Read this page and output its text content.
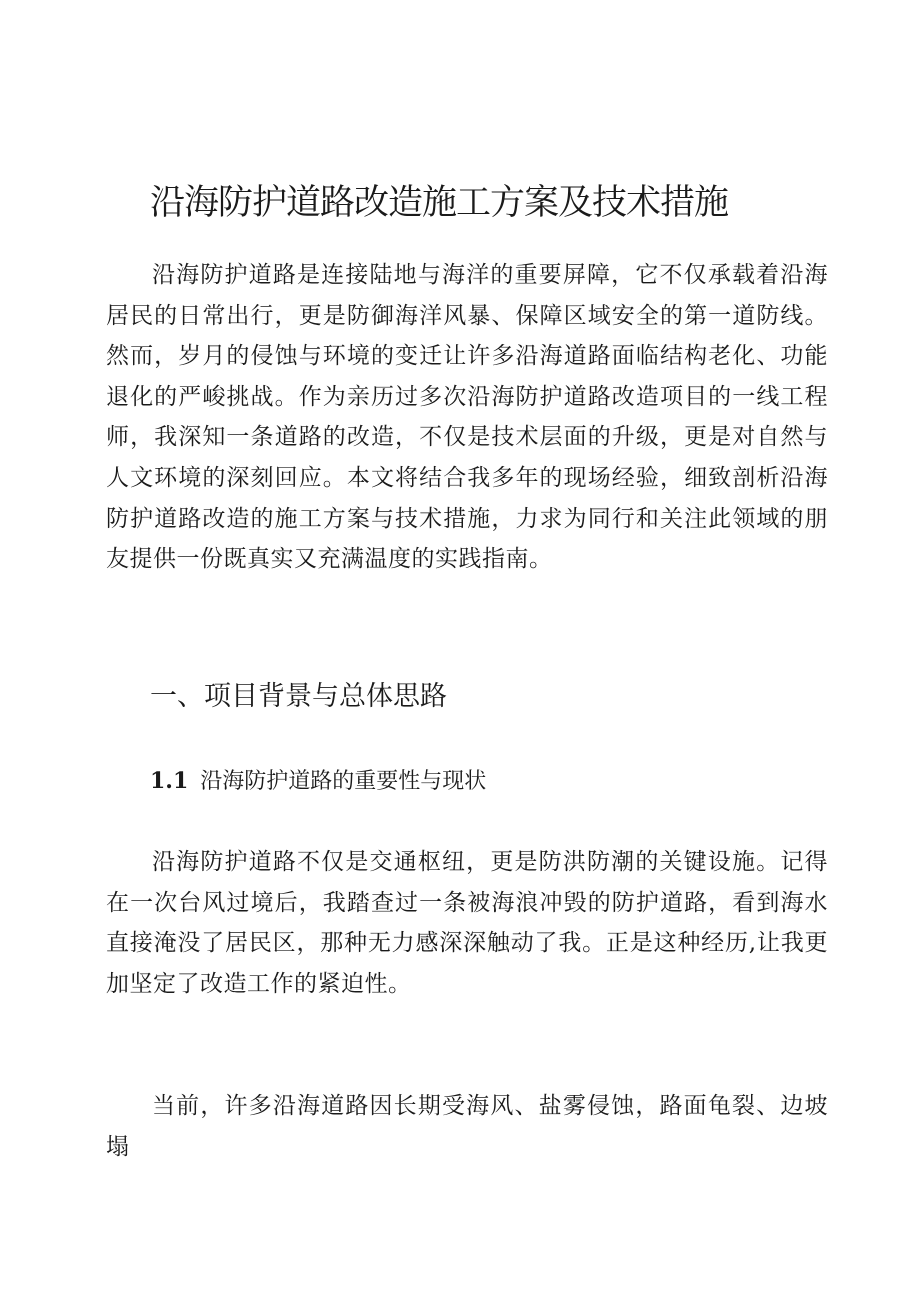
沿海防护道路改造施工方案及技术措施

沿海防护道路是连接陆地与海洋的重要屏障，它不仅承载着沿海居民的日常出行，更是防御海洋风暴、保障区域安全的第一道防线。然而，岁月的侵蚀与环境的变迁让许多沿海道路面临结构老化、功能退化的严峻挑战。作为亲历过多次沿海防护道路改造项目的一线工程师，我深知一条道路的改造，不仅是技术层面的升级，更是对自然与人文环境的深刻回应。本文将结合我多年的现场经验，细致剖析沿海防护道路改造的施工方案与技术措施，力求为同行和关注此领域的朋友提供一份既真实又充满温度的实践指南。

一、项目背景与总体思路
1.1 沿海防护道路的重要性与现状

沿海防护道路不仅是交通枢纽，更是防洪防潮的关键设施。记得在一次台风过境后，我踏查过一条被海浪冲毁的防护道路，看到海水直接淹没了居民区，那种无力感深深触动了我。正是这种经历,让我更加坚定了改造工作的紧迫性。

当前，许多沿海道路因长期受海风、盐雾侵蚀，路面龟裂、边坡塌
